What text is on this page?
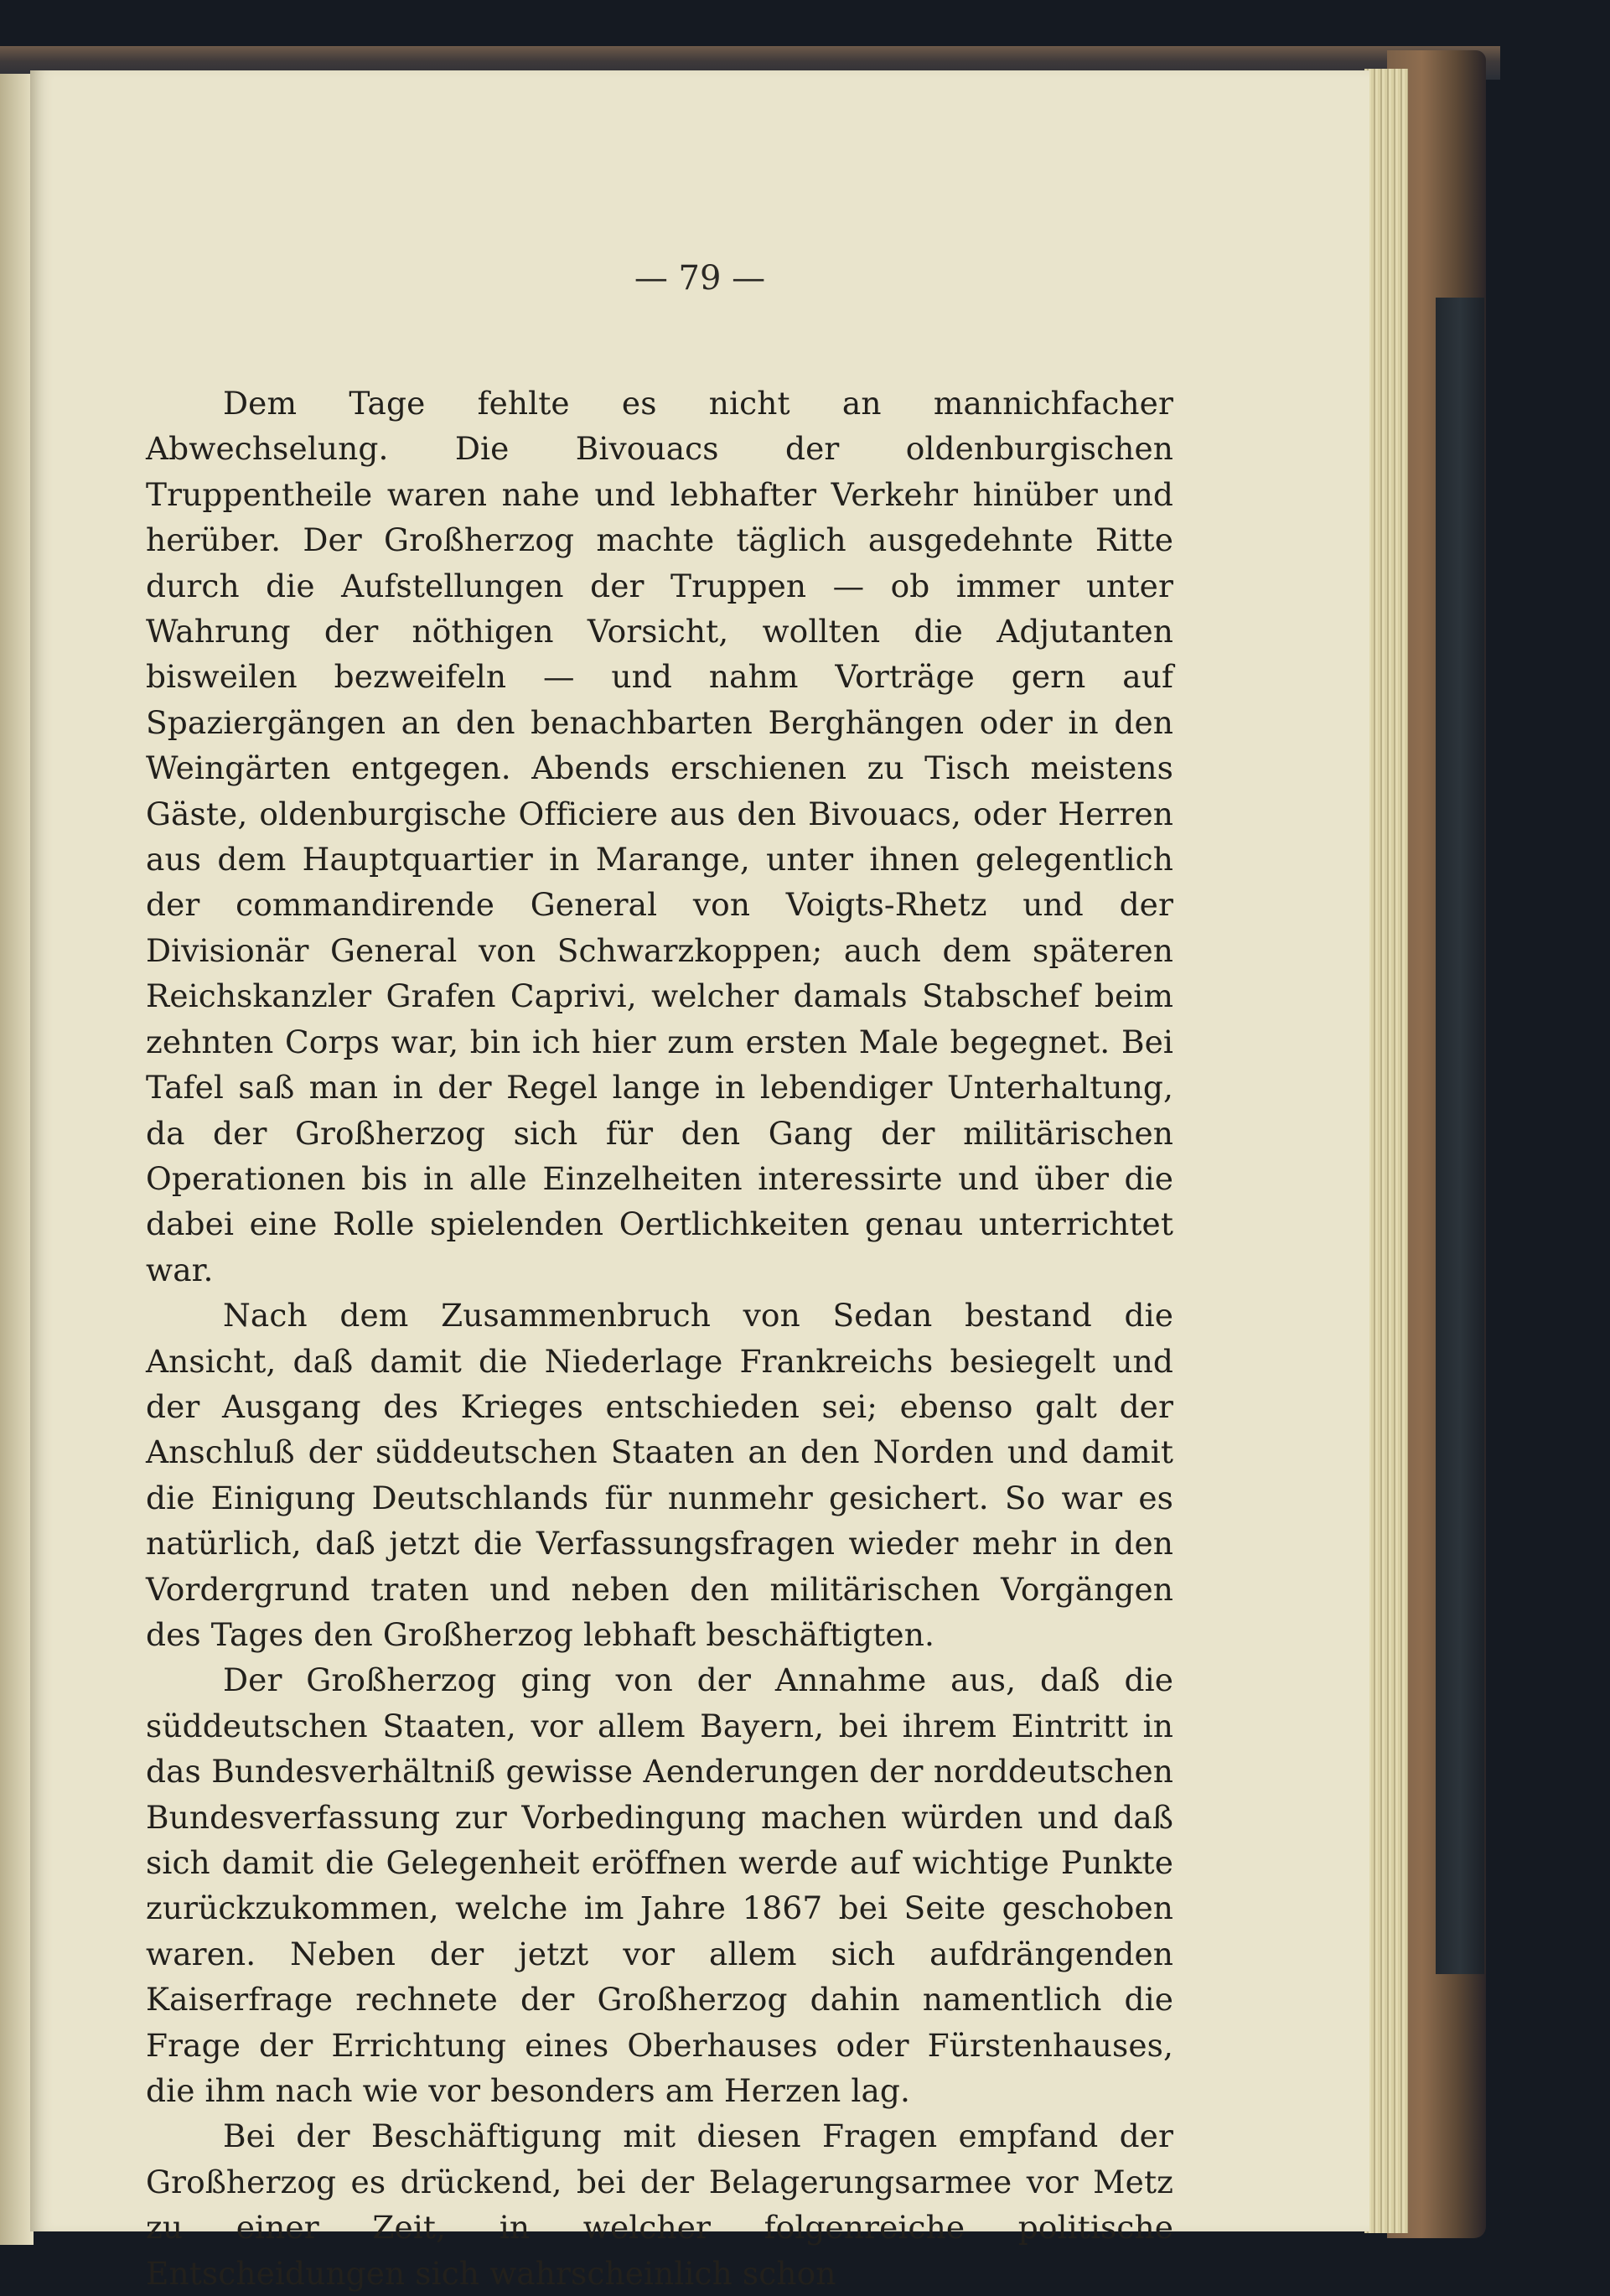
— 79 —

Dem Tage fehlte es nicht an mannichfacher Abwechselung. Die Bivouacs der oldenburgischen Truppentheile waren nahe und lebhafter Verkehr hinüber und herüber. Der Großherzog machte täglich ausgedehnte Ritte durch die Aufstellungen der Truppen — ob immer unter Wahrung der nöthigen Vorsicht, wollten die Adjutanten bisweilen bezweifeln — und nahm Vorträge gern auf Spaziergängen an den benachbarten Berghängen oder in den Weingärten entgegen. Abends erschienen zu Tisch meistens Gäste, oldenburgische Officiere aus den Bivouacs, oder Herren aus dem Hauptquartier in Marange, unter ihnen gelegentlich der commandirende General von Voigts-Rhetz und der Divisionär General von Schwarzkoppen; auch dem späteren Reichskanzler Grafen Caprivi, welcher damals Stabschef beim zehnten Corps war, bin ich hier zum ersten Male begegnet. Bei Tafel saß man in der Regel lange in lebendiger Unterhaltung, da der Großherzog sich für den Gang der militärischen Operationen bis in alle Einzelheiten interessirte und über die dabei eine Rolle spielenden Oertlichkeiten genau unterrichtet war.

Nach dem Zusammenbruch von Sedan bestand die Ansicht, daß damit die Niederlage Frankreichs besiegelt und der Ausgang des Krieges entschieden sei; ebenso galt der Anschluß der süddeutschen Staaten an den Norden und damit die Einigung Deutschlands für nunmehr gesichert. So war es natürlich, daß jetzt die Verfassungsfragen wieder mehr in den Vordergrund traten und neben den militärischen Vorgängen des Tages den Großherzog lebhaft beschäftigten.

Der Großherzog ging von der Annahme aus, daß die süddeutschen Staaten, vor allem Bayern, bei ihrem Eintritt in das Bundesverhältniß gewisse Aenderungen der norddeutschen Bundesverfassung zur Vorbedingung machen würden und daß sich damit die Gelegenheit eröffnen werde auf wichtige Punkte zurückzukommen, welche im Jahre 1867 bei Seite geschoben waren. Neben der jetzt vor allem sich aufdrängenden Kaiserfrage rechnete der Großherzog dahin namentlich die Frage der Errichtung eines Oberhauses oder Fürstenhauses, die ihm nach wie vor besonders am Herzen lag.

Bei der Beschäftigung mit diesen Fragen empfand der Großherzog es drückend, bei der Belagerungsarmee vor Metz zu einer Zeit, in welcher folgenreiche politische Entscheidungen sich wahrscheinlich schon
